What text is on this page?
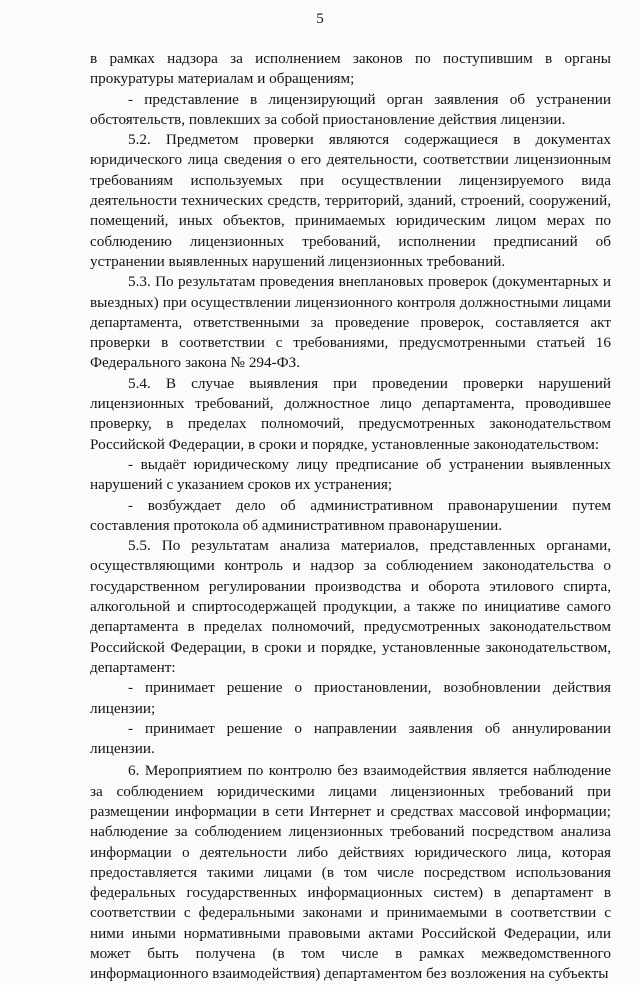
5

в рамках надзора за исполнением законов по поступившим в органы прокуратуры материалам и обращениям;

- представление в лицензирующий орган заявления об устранении обстоятельств, повлекших за собой приостановление действия лицензии.

5.2. Предметом проверки являются содержащиеся в документах юридического лица сведения о его деятельности, соответствии лицензионным требованиям используемых при осуществлении лицензируемого вида деятельности технических средств, территорий, зданий, строений, сооружений, помещений, иных объектов, принимаемых юридическим лицом мерах по соблюдению лицензионных требований, исполнении предписаний об устранении выявленных нарушений лицензионных требований.

5.3. По результатам проведения внеплановых проверок (документарных и выездных) при осуществлении лицензионного контроля должностными лицами департамента, ответственными за проведение проверок, составляется акт проверки в соответствии с требованиями, предусмотренными статьей 16 Федерального закона № 294-ФЗ.

5.4. В случае выявления при проведении проверки нарушений лицензионных требований, должностное лицо департамента, проводившее проверку, в пределах полномочий, предусмотренных законодательством Российской Федерации, в сроки и порядке, установленные законодательством:

- выдаёт юридическому лицу предписание об устранении выявленных нарушений с указанием сроков их устранения;

- возбуждает дело об административном правонарушении путем составления протокола об административном правонарушении.

5.5. По результатам анализа материалов, представленных органами, осуществляющими контроль и надзор за соблюдением законодательства о государственном регулировании производства и оборота этилового спирта, алкогольной и спиртосодержащей продукции, а также по инициативе самого департамента в пределах полномочий, предусмотренных законодательством Российской Федерации, в сроки и порядке, установленные законодательством, департамент:

- принимает решение о приостановлении, возобновлении действия лицензии;

- принимает решение о направлении заявления об аннулировании лицензии.

6. Мероприятием по контролю без взаимодействия является наблюдение за соблюдением юридическими лицами лицензионных требований при размещении информации в сети Интернет и средствах массовой информации; наблюдение за соблюдением лицензионных требований посредством анализа информации о деятельности либо действиях юридического лица, которая предоставляется такими лицами (в том числе посредством использования федеральных государственных информационных систем) в департамент в соответствии с федеральными законами и принимаемыми в соответствии с ними иными нормативными правовыми актами Российской Федерации, или может быть получена (в том числе в рамках межведомственного информационного взаимодействия) департаментом без возложения на субъекты
